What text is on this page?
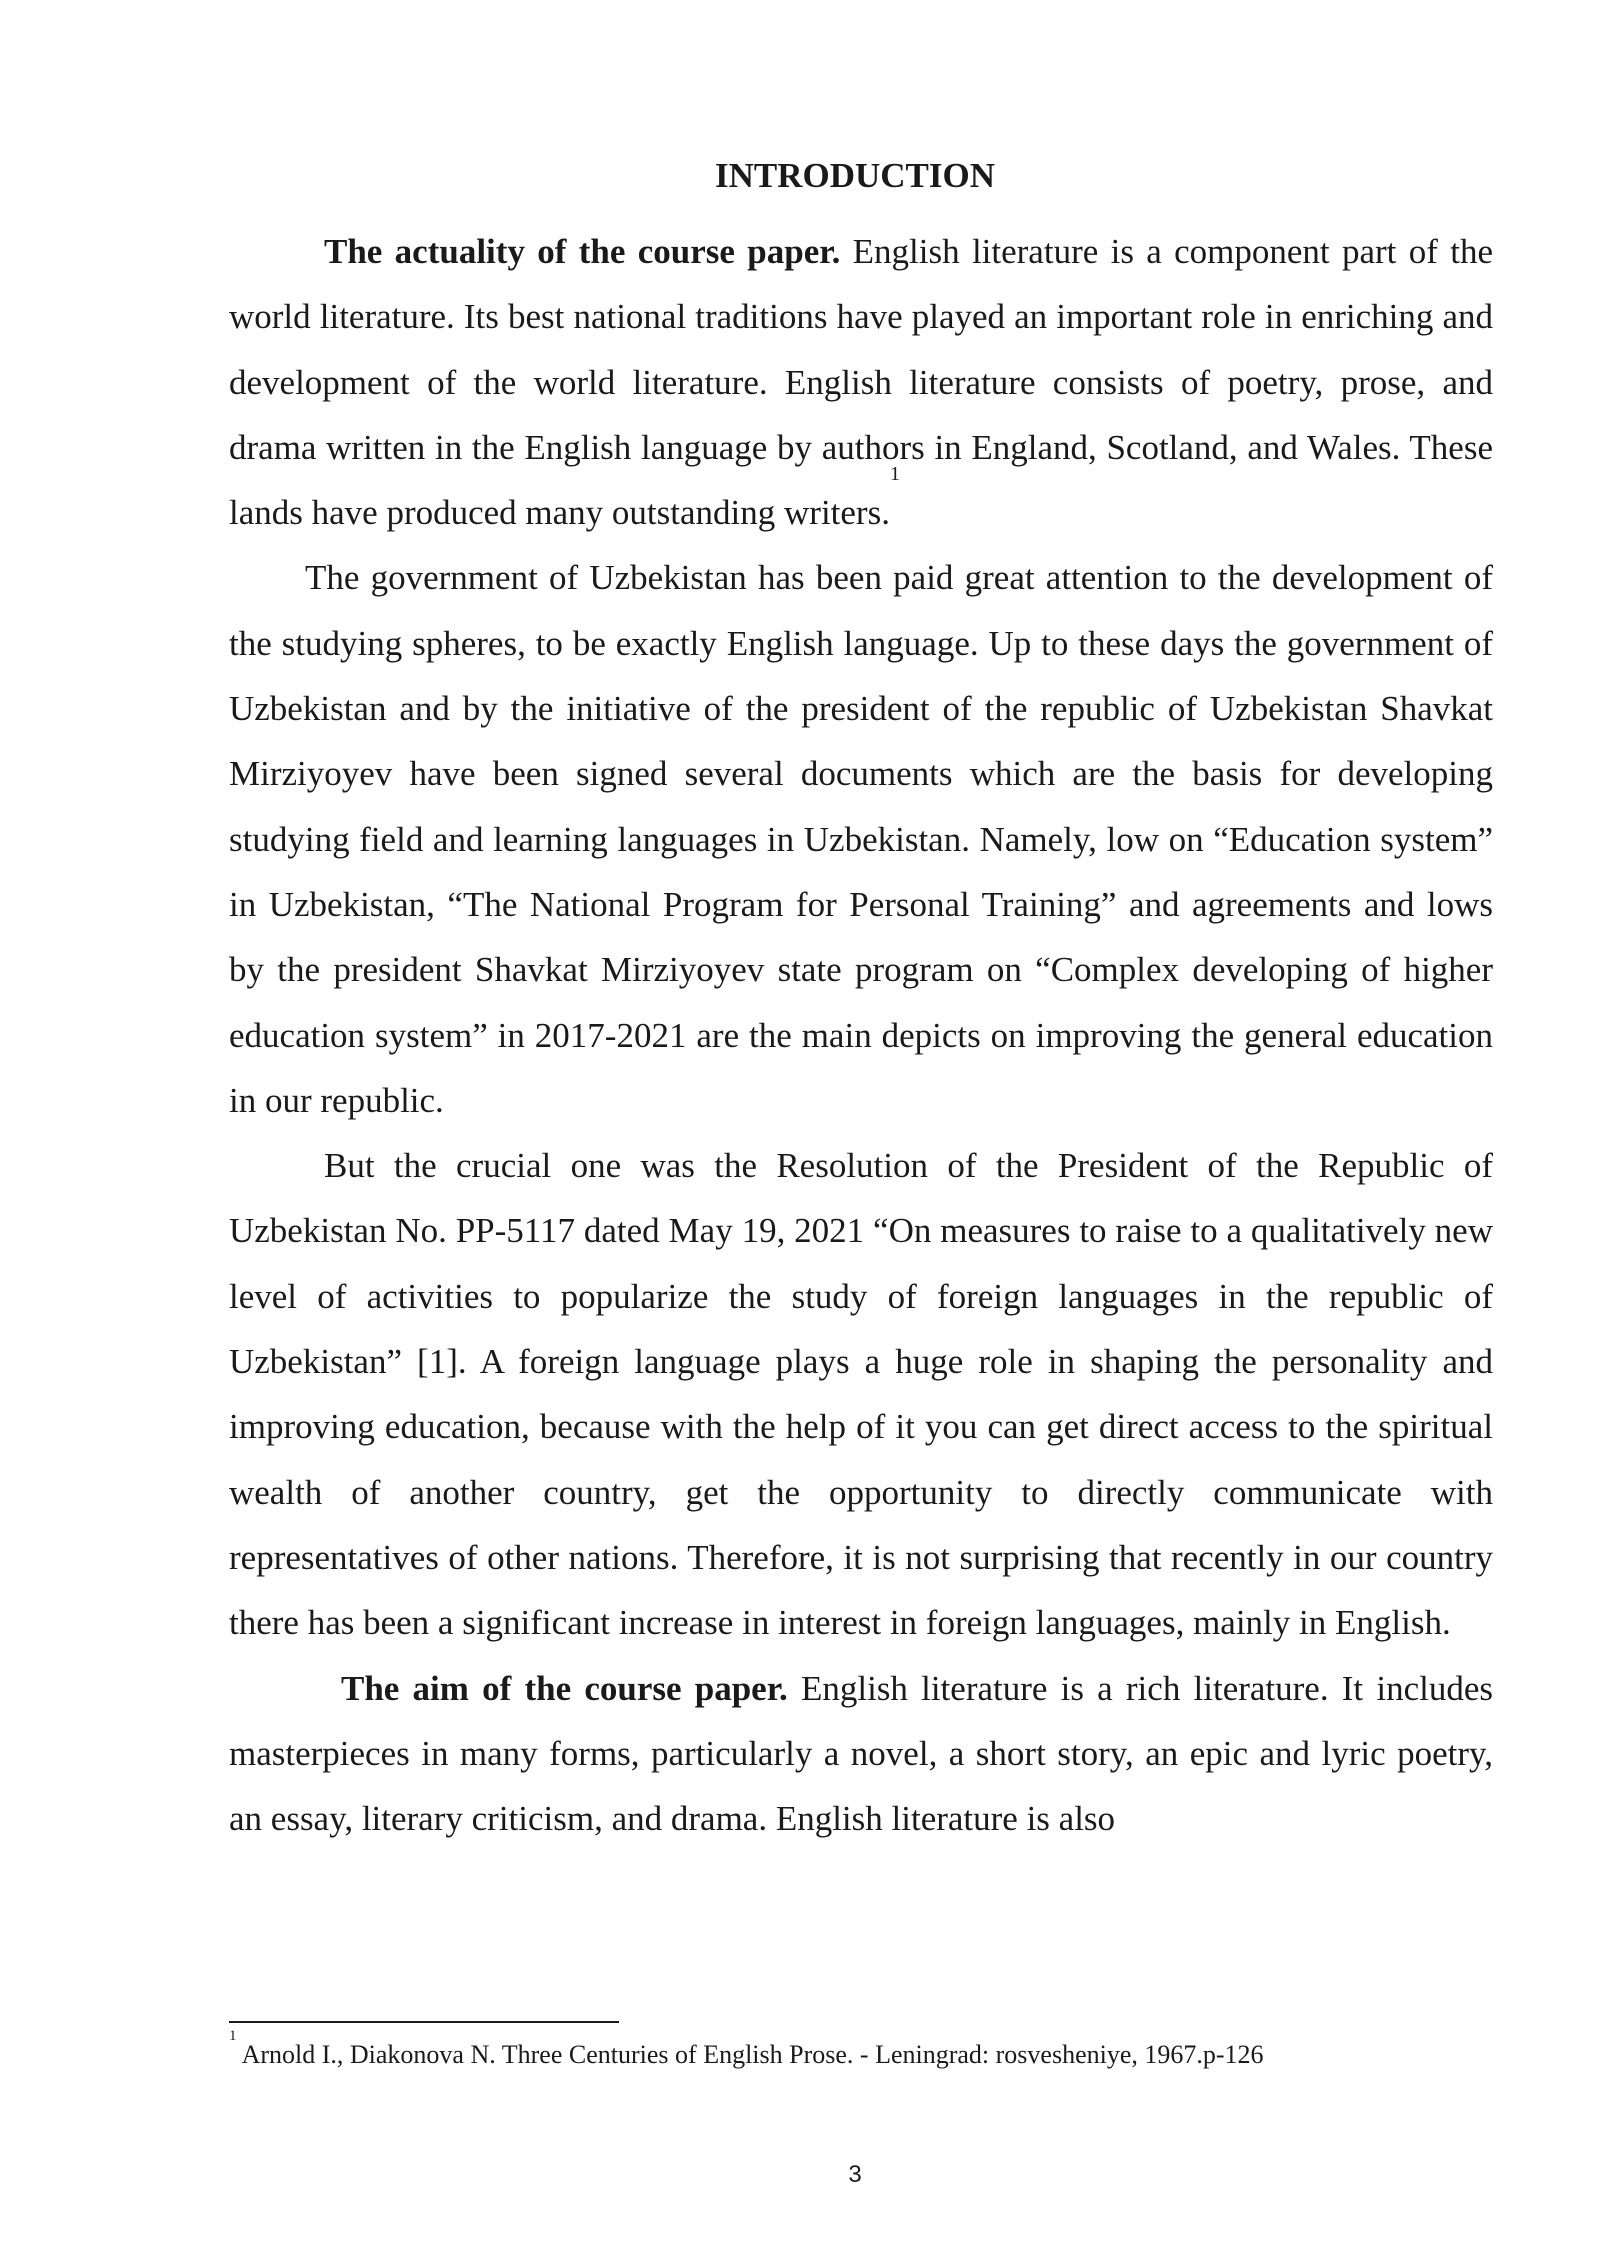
INTRODUCTION

The actuality of the course paper. English literature is a component part of the world literature. Its best national traditions have played an important role in enriching and development of the world literature. English literature consists of poetry, prose, and drama written in the English language by authors in England, Scotland, and Wales. These lands have produced many outstanding writers.$^1$

The government of Uzbekistan has been paid great attention to the development of the studying spheres, to be exactly English language. Up to these days the government of Uzbekistan and by the initiative of the president of the republic of Uzbekistan Shavkat Mirziyoyev have been signed several documents which are the basis for developing studying field and learning languages in Uzbekistan. Namely, low on “Education system” in Uzbekistan, “The National Program for Personal Training” and agreements and lows by the president Shavkat Mirziyoyev state program on “Complex developing of higher education system” in 2017-2021 are the main depicts on improving the general education in our republic.

But the crucial one was the Resolution of the President of the Republic of Uzbekistan No. PP-5117 dated May 19, 2021 “On measures to raise to a qualitatively new level of activities to popularize the study of foreign languages in the republic of Uzbekistan” [1]. A foreign language plays a huge role in shaping the personality and improving education, because with the help of it you can get direct access to the spiritual wealth of another country, get the opportunity to directly communicate with representatives of other nations. Therefore, it is not surprising that recently in our country there has been a significant increase in interest in foreign languages, mainly in English.

The aim of the course paper. English literature is a rich literature. It includes masterpieces in many forms, particularly a novel, a short story, an epic and lyric poetry, an essay, literary criticism, and drama. English literature is also

$^1$ Arnold I., Diakonova N. Three Centuries of English Prose. - Leningrad: rosvesheniye, 1967.p-126

3
